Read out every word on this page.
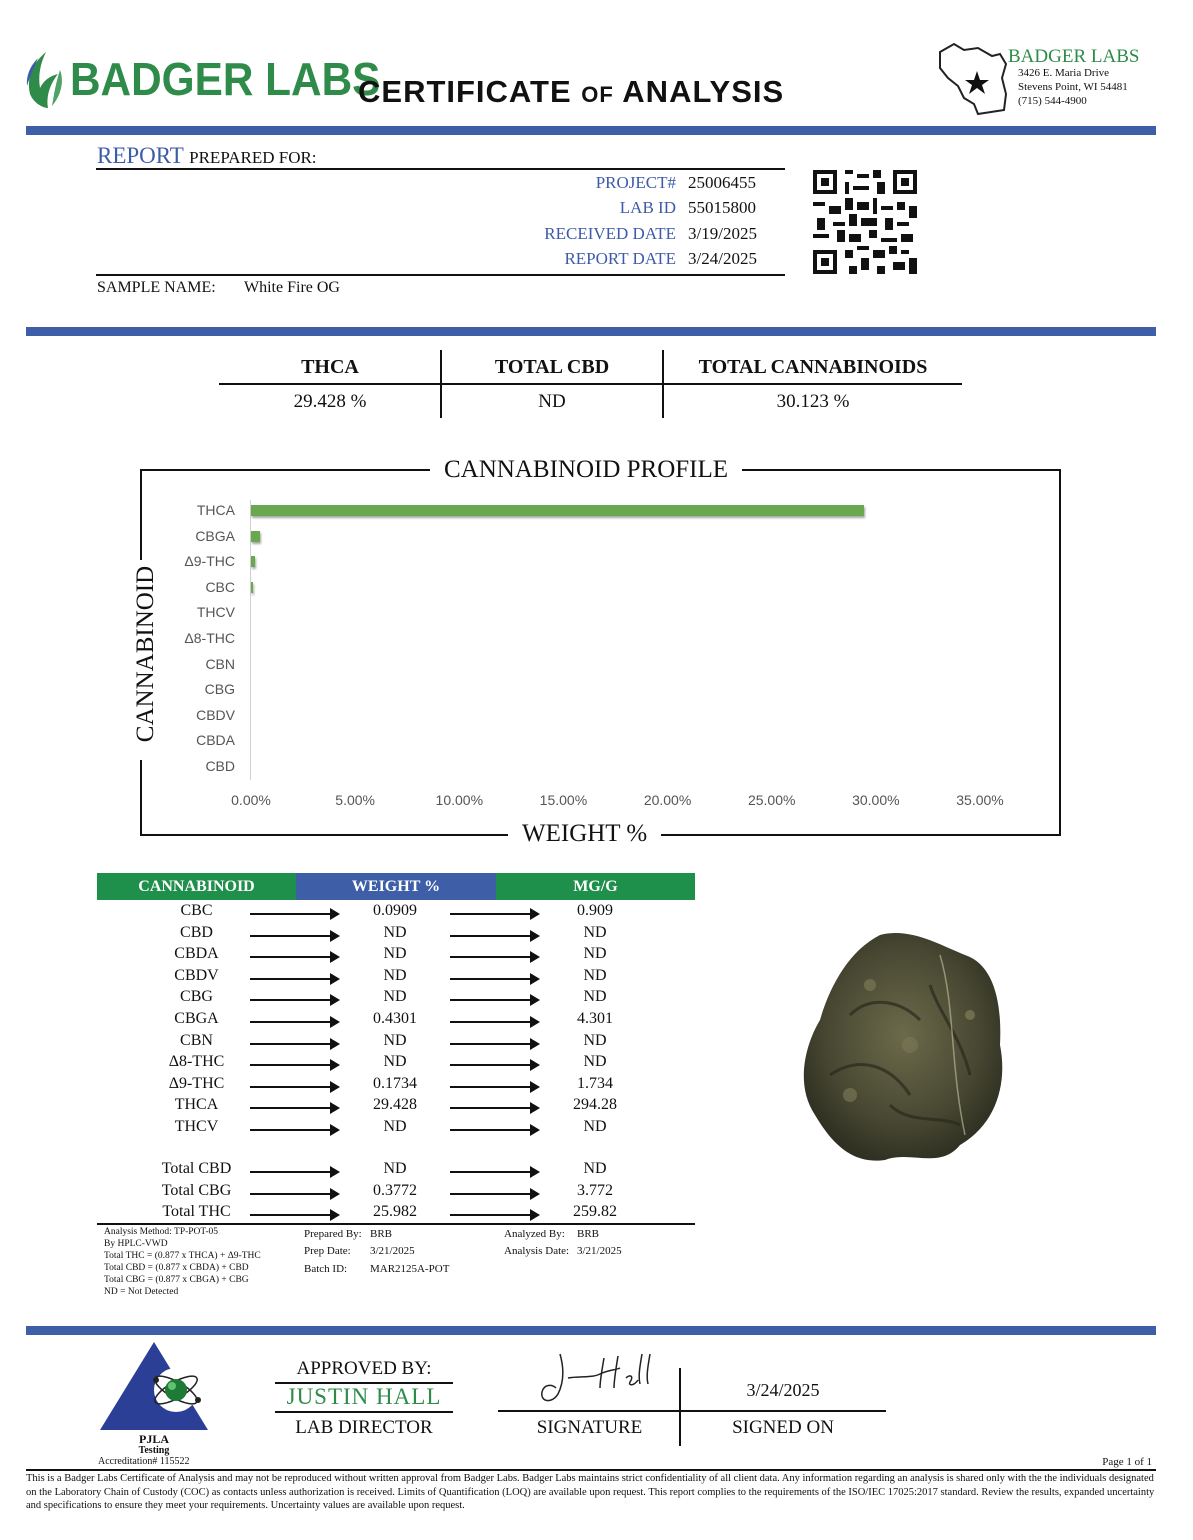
BADGER LABS
CERTIFICATE OF ANALYSIS
BADGER LABS
3426 E. Maria Drive
Stevens Point, WI 54481
(715) 544-4900
REPORT PREPARED FOR:
PROJECT# 25006455
LAB ID 55015800
RECEIVED DATE 3/19/2025
REPORT DATE 3/24/2025
SAMPLE NAME: White Fire OG
THCA	TOTAL CBD	TOTAL CANNABINOIDS
29.428 %	ND	30.123 %
CANNABINOID PROFILE
WEIGHT %
CANNABINOID
THCA
CBGA
Δ9-THC
CBC
THCV
Δ8-THC
CBN
CBG
CBDV
CBDA
CBD
0.00%	5.00%	10.00%	15.00%	20.00%	25.00%	30.00%	35.00%
CANNABINOID	WEIGHT %	MG/G
CBC	0.0909	0.909
CBD	ND	ND
CBDA	ND	ND
CBDV	ND	ND
CBG	ND	ND
CBGA	0.4301	4.301
CBN	ND	ND
Δ8-THC	ND	ND
Δ9-THC	0.1734	1.734
THCA	29.428	294.28
THCV	ND	ND
Total CBD	ND	ND
Total CBG	0.3772	3.772
Total THC	25.982	259.82
Analysis Method: TP-POT-05
By HPLC-VWD
Total THC = (0.877 x THCA) + Δ9-THC
Total CBD = (0.877 x CBDA) + CBD
Total CBG = (0.877 x CBGA) + CBG
ND = Not Detected
Prepared By: BRB
Prep Date: 3/21/2025
Batch ID: MAR2125A-POT
Analyzed By: BRB
Analysis Date: 3/21/2025
PJLA
Testing
Accreditation# 115522
APPROVED BY:
JUSTIN HALL
LAB DIRECTOR	SIGNATURE
3/24/2025
SIGNED ON
Page 1 of 1
This is a Badger Labs Certificate of Analysis and may not be reproduced without written approval from Badger Labs. Badger Labs maintains strict confidentiality of all client data. Any information regarding an analysis is shared only with the the individuals designated on the Laboratory Chain of Custody (COC) as contacts unless authorization is received. Limits of Quantification (LOQ) are available upon request. This report complies to the requirements of the ISO/IEC 17025:2017 standard. Review the results, expanded uncertainty and specifications to ensure they meet your requirements. Uncertainty values are available upon request.
